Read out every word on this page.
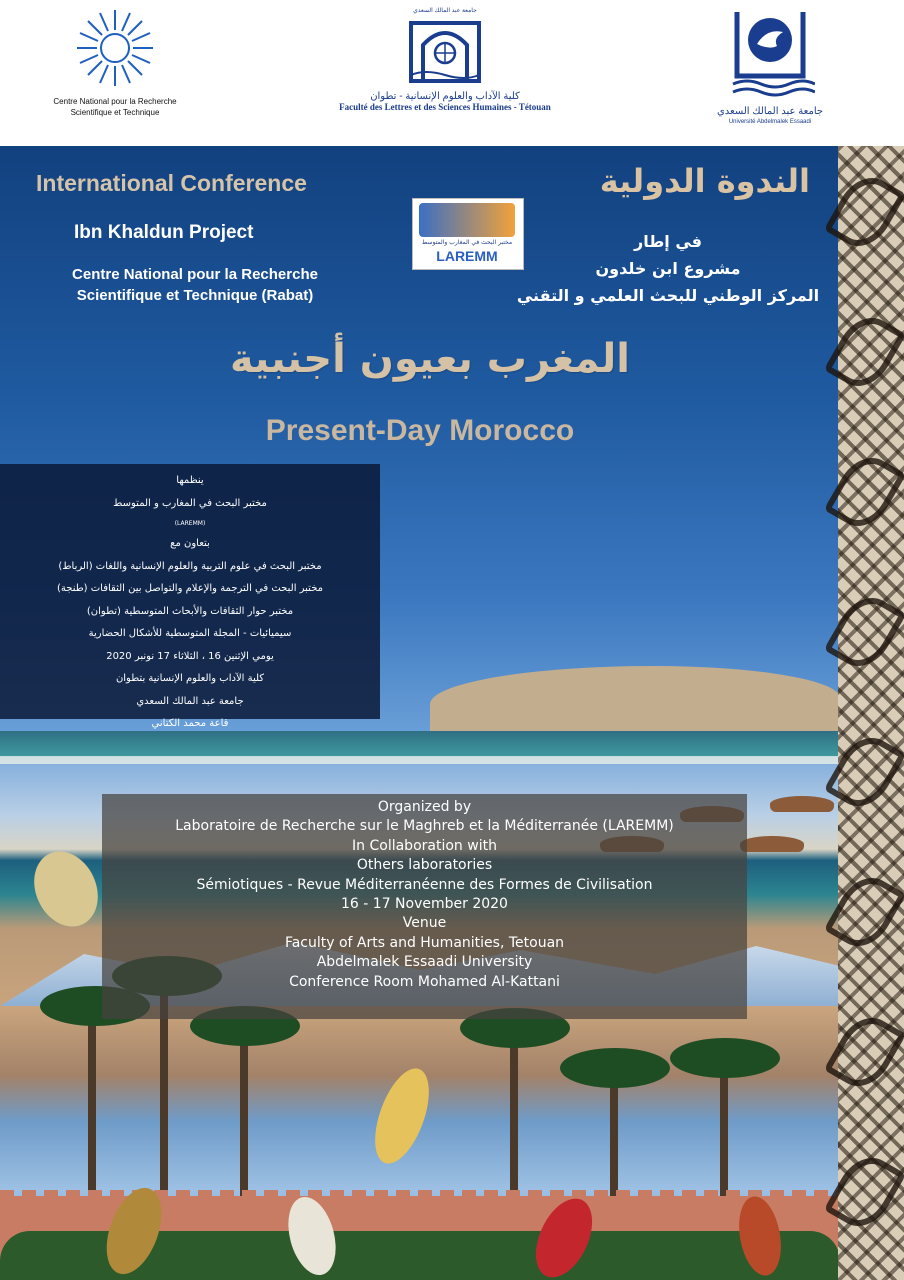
Centre National pour la Recherche
Scientifique et Technique
جامعة عبد المالك السعدي
كلية الآداب والعلوم الإنسانية - تطوان
Faculté des Lettres et des Sciences Humaines - Tétouan	جامعة عبد المالك السعدي
Université Abdelmalek Essaadi
International Conference	الندوة الدولية
Ibn Khaldun Project
Centre National pour la Recherche
Scientifique et Technique (Rabat)
في إطار
مشروع ابن خلدون
المركز الوطني للبحث العلمي و التقني
مختبر البحث في المغارب والمتوسط
LAREMM
المغرب بعيون أجنبية
Present-Day Morocco
ينظمها
مختبر البحث في المغارب و المتوسط
(LAREMM)
بتعاون مع
مختبر البحث في علوم التربية والعلوم الإنسانية واللغات (الرباط)
مختبر البحث في الترجمة والإعلام والتواصل بين الثقافات (طنجة)
مختبر حوار الثقافات والأبحاث المتوسطية (تطوان)
سيميائيات - المجلة المتوسطية للأشكال الحضارية
يومي الإثنين 16 ، الثلاثاء 17 نونبر 2020
كلية الآداب والعلوم الإنسانية بتطوان
جامعة عبد المالك السعدي
قاعة محمد الكتاني
Organized by
Laboratoire de Recherche sur le Maghreb et la Méditerranée (LAREMM)
In Collaboration with
Others laboratories
Sémiotiques - Revue Méditerranéenne des Formes de Civilisation
16 - 17 November 2020
Venue
Faculty of Arts and Humanities, Tetouan
Abdelmalek Essaadi University
Conference Room Mohamed Al-Kattani
